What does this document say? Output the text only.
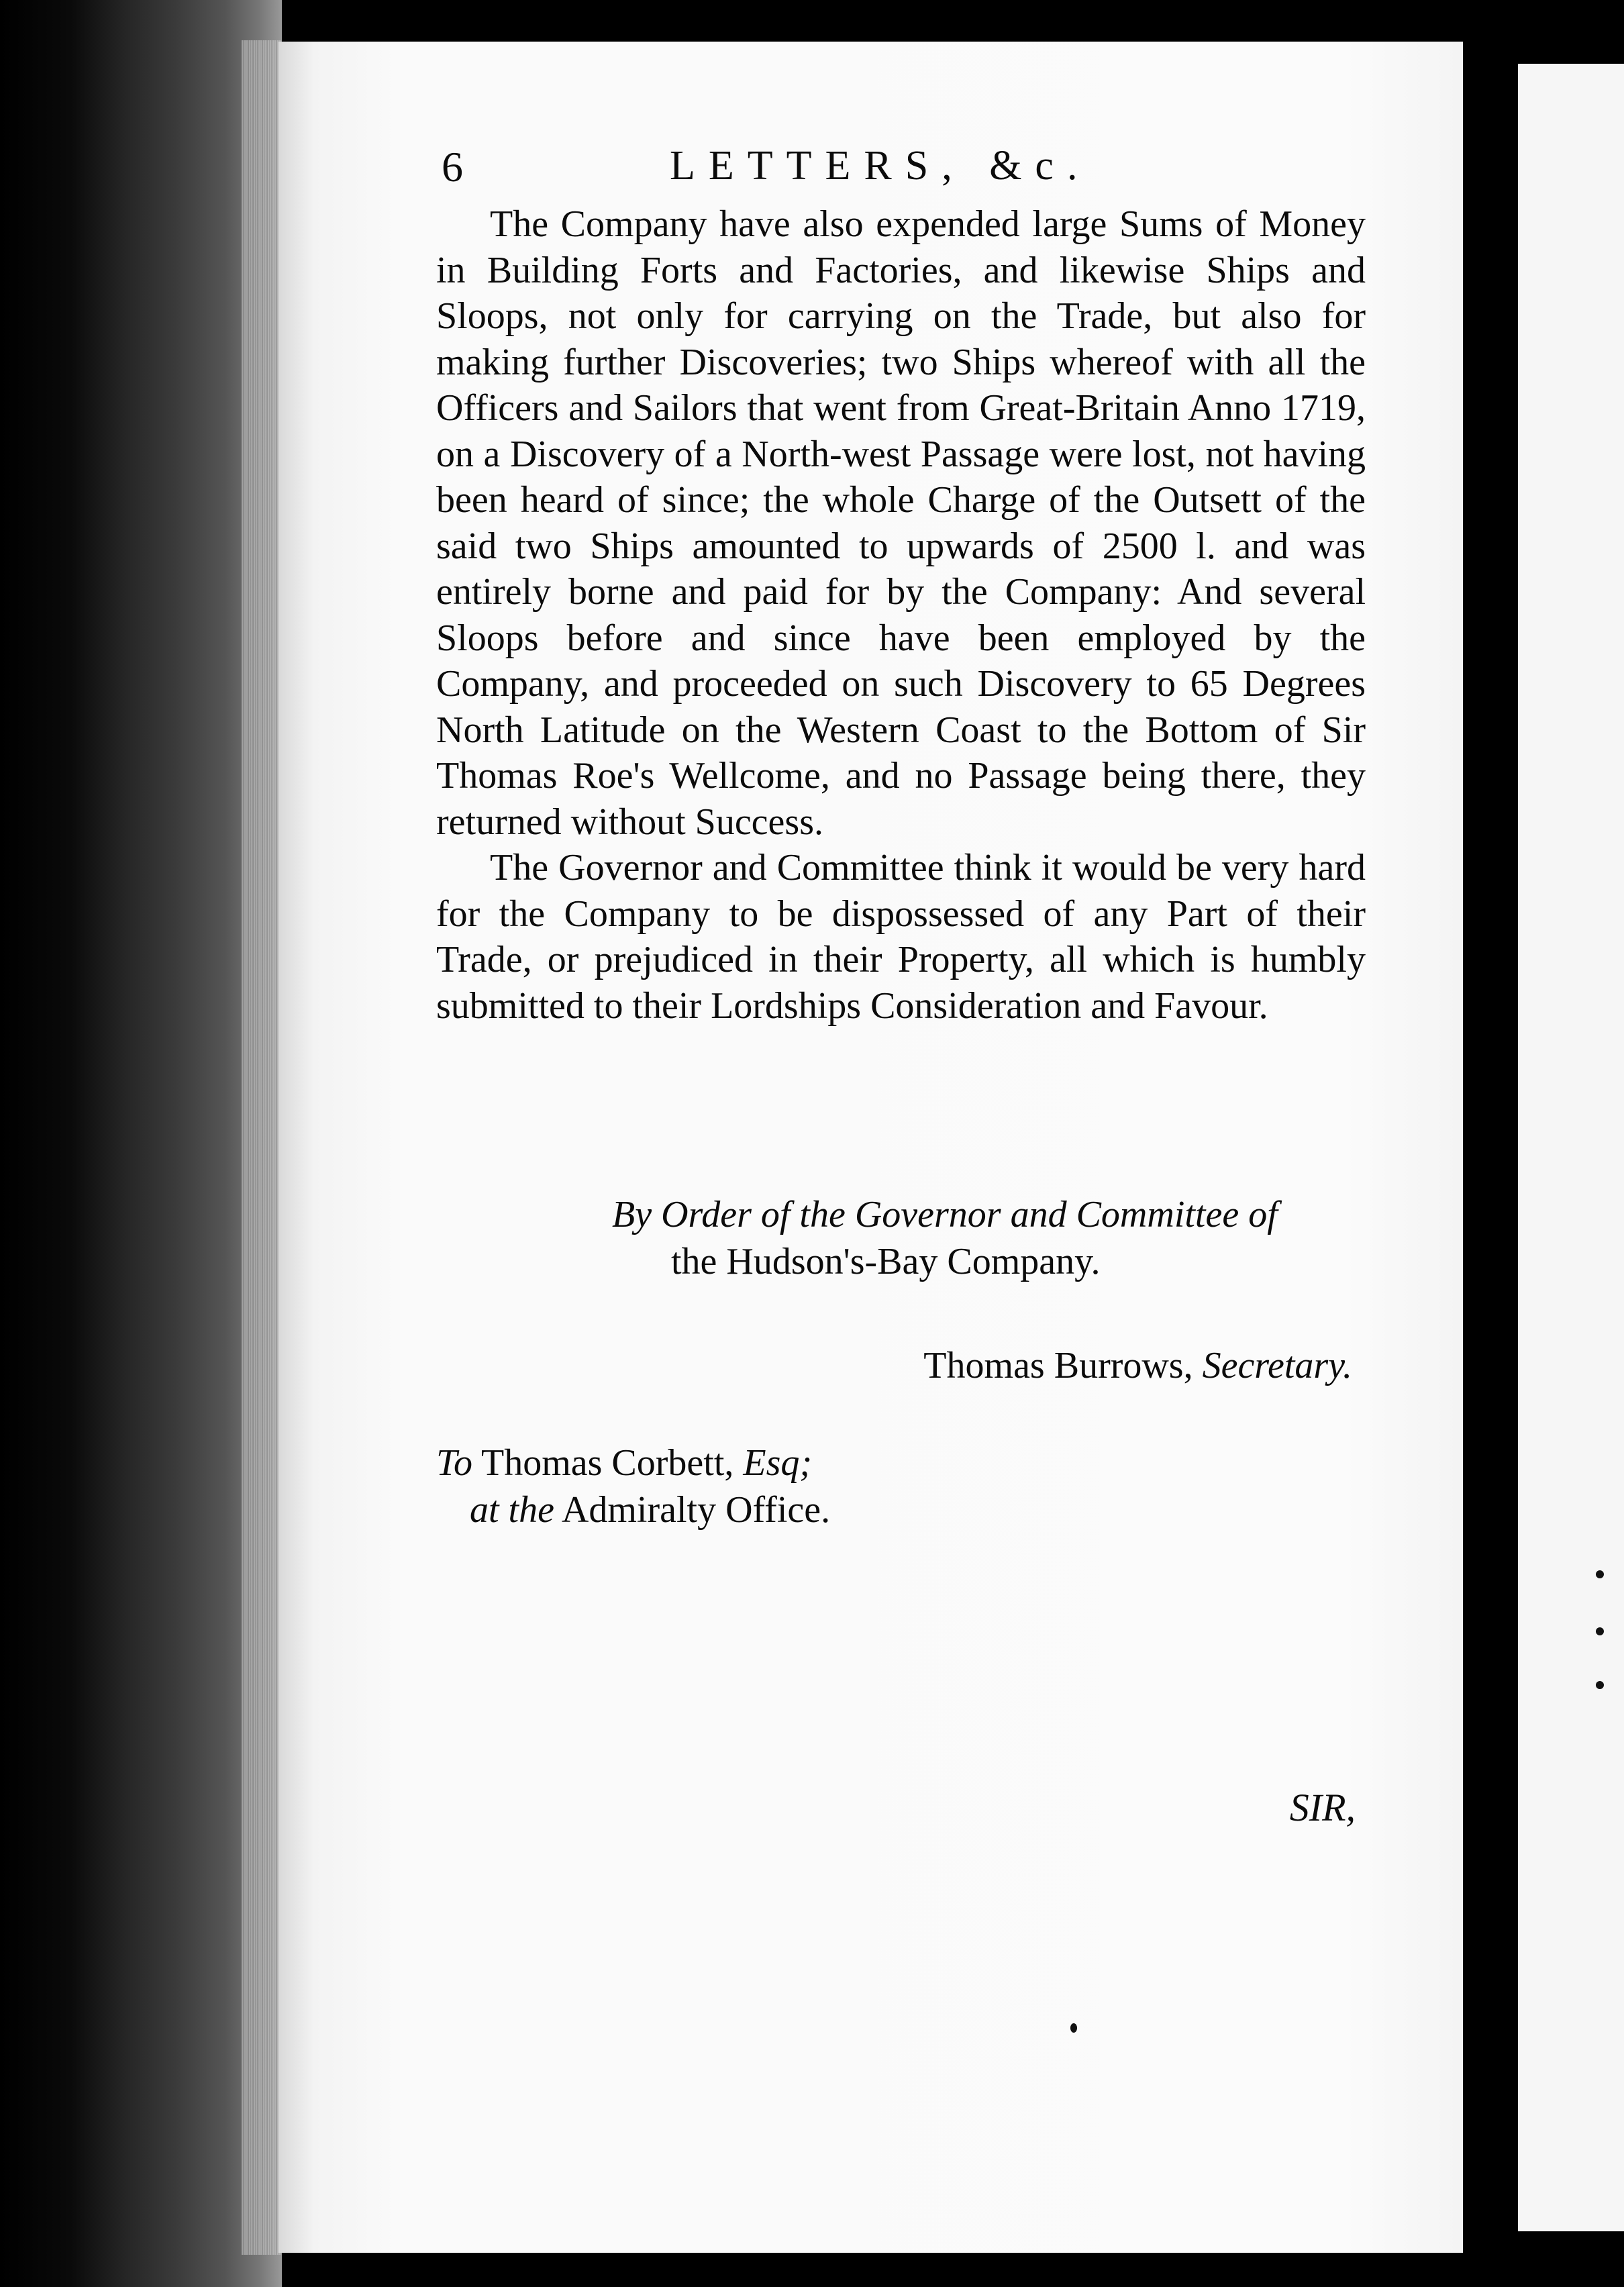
6	LETTERS, &c.

The Company have also expended large Sums of Money in Building Forts and Factories, and likewise Ships and Sloops, not only for carrying on the Trade, but also for making further Discoveries; two Ships whereof with all the Officers and Sailors that went from Great-Britain Anno 1719, on a Discovery of a North-west Passage were lost, not having been heard of since; the whole Charge of the Outsett of the said two Ships amounted to upwards of 2500 l. and was entirely borne and paid for by the Company: And several Sloops before and since have been employed by the Company, and proceeded on such Discovery to 65 Degrees North Latitude on the Western Coast to the Bottom of Sir Thomas Roe's Wellcome, and no Passage being there, they returned without Success.

The Governor and Committee think it would be very hard for the Company to be dispossessed of any Part of their Trade, or prejudiced in their Property, all which is humbly submitted to their Lordships Consideration and Favour.

By Order of the Governor and Committee of
the Hudson's-Bay Company.
Thomas Burrows, Secretary.
To Thomas Corbett, Esq;
at the Admiralty Office.
SIR,
